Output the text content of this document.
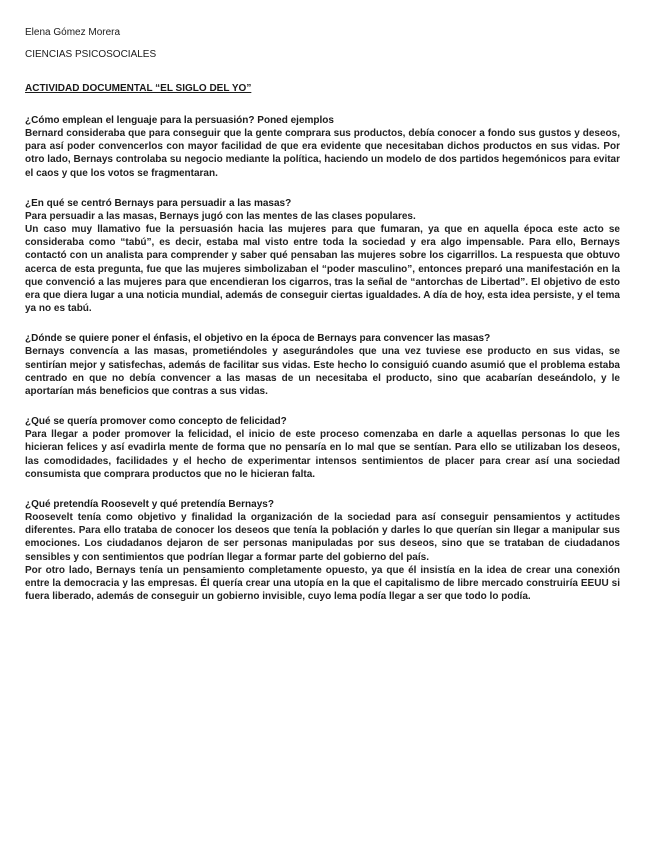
Elena Gómez Morera

CIENCIAS PSICOSOCIALES

ACTIVIDAD DOCUMENTAL “EL SIGLO DEL YO”

¿Cómo emplean el lenguaje para la persuasión? Poned ejemplos

Bernard consideraba que para conseguir que la gente comprara sus productos, debía conocer a fondo sus gustos y deseos, para así poder convencerlos con mayor facilidad de que era evidente que necesitaban dichos productos en sus vidas. Por otro lado, Bernays controlaba su negocio mediante la política, haciendo un modelo de dos partidos hegemónicos para evitar el caos y que los votos se fragmentaran.

¿En qué se centró Bernays para persuadir a las masas?

Para persuadir a las masas, Bernays jugó con las mentes de las clases populares.

Un caso muy llamativo fue la persuasión hacia las mujeres para que fumaran, ya que en aquella época este acto se consideraba como “tabú”, es decir, estaba mal visto entre toda la sociedad y era algo impensable. Para ello, Bernays contactó con un analista para comprender y saber qué pensaban las mujeres sobre los cigarrillos. La respuesta que obtuvo acerca de esta pregunta, fue que las mujeres simbolizaban el “poder masculino”, entonces preparó una manifestación en la que convenció a las mujeres para que encendieran los cigarros, tras la señal de “antorchas de Libertad”. El objetivo de esto era que diera lugar a una noticia mundial, además de conseguir ciertas igualdades. A día de hoy, esta idea persiste, y el tema ya no es tabú.

¿Dónde se quiere poner el énfasis, el objetivo en la época de Bernays para convencer las masas?

Bernays convencía a las masas, prometiéndoles y asegurándoles que una vez tuviese ese producto en sus vidas, se sentirían mejor y satisfechas, además de facilitar sus vidas. Este hecho lo consiguió cuando asumió que el problema estaba centrado en que no debía convencer a las masas de un necesitaba el producto, sino que acabarían deseándolo, y le aportarían más beneficios que contras a sus vidas.

¿Qué se quería promover como concepto de felicidad?

Para llegar a poder promover la felicidad, el inicio de este proceso comenzaba en darle a aquellas personas lo que les hicieran felices y así evadirla mente de forma que no pensaría en lo mal que se sentían. Para ello se utilizaban los deseos, las comodidades, facilidades y el hecho de experimentar intensos sentimientos de placer para crear así una sociedad consumista que comprara productos que no le hicieran falta.

¿Qué pretendía Roosevelt y qué pretendía Bernays?

Roosevelt tenía como objetivo y finalidad la organización de la sociedad para así conseguir pensamientos y actitudes diferentes. Para ello trataba de conocer los deseos que tenía la población y darles lo que querían sin llegar a manipular sus emociones. Los ciudadanos dejaron de ser personas manipuladas por sus deseos, sino que se trataban de ciudadanos sensibles y con sentimientos que podrían llegar a formar parte del gobierno del país.

Por otro lado, Bernays tenía un pensamiento completamente opuesto, ya que él insistía en la idea de crear una conexión entre la democracia y las empresas. Él quería crear una utopía en la que el capitalismo de libre mercado construiría EEUU si fuera liberado, además de conseguir un gobierno invisible, cuyo lema podía llegar a ser que todo lo podía.
